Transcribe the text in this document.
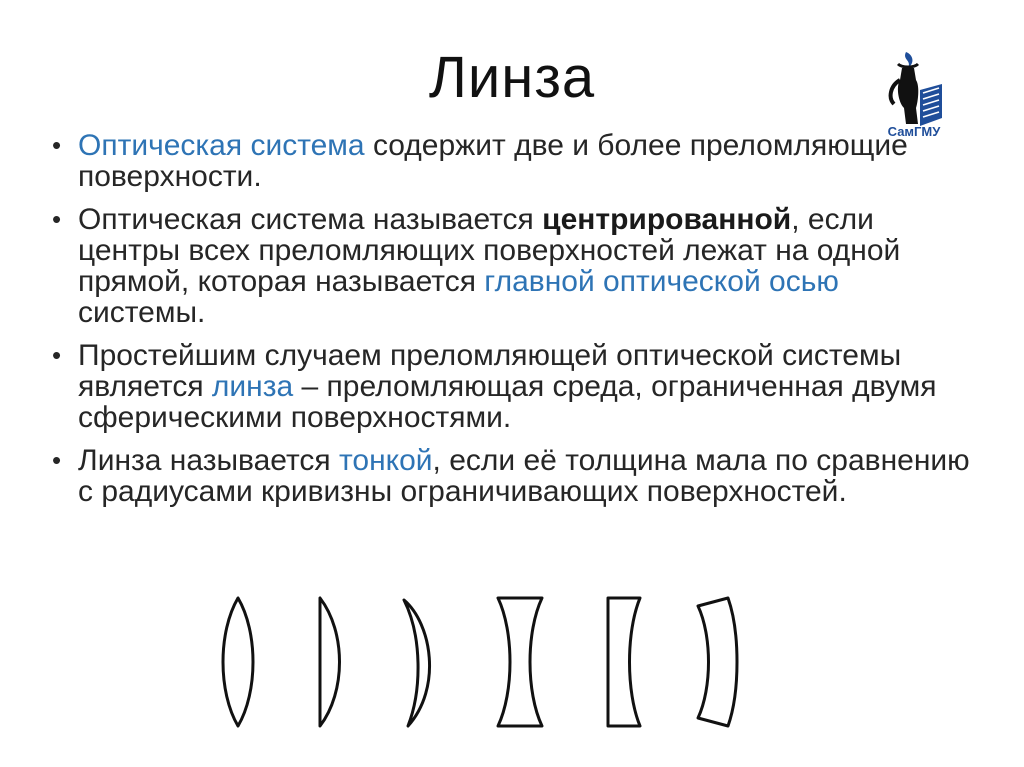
Линза
СамГМУ
• Оптическая система содержит две и более преломляющие поверхности.
• Оптическая система называется центрированной, если центры всех преломляющих поверхностей лежат на одной прямой, которая называется главной оптической осью системы.
• Простейшим случаем преломляющей оптической системы является линза – преломляющая среда, ограниченная двумя сферическими поверхностями.
• Линза называется тонкой, если её толщина мала по сравнению с радиусами кривизны ограничивающих поверхностей.
